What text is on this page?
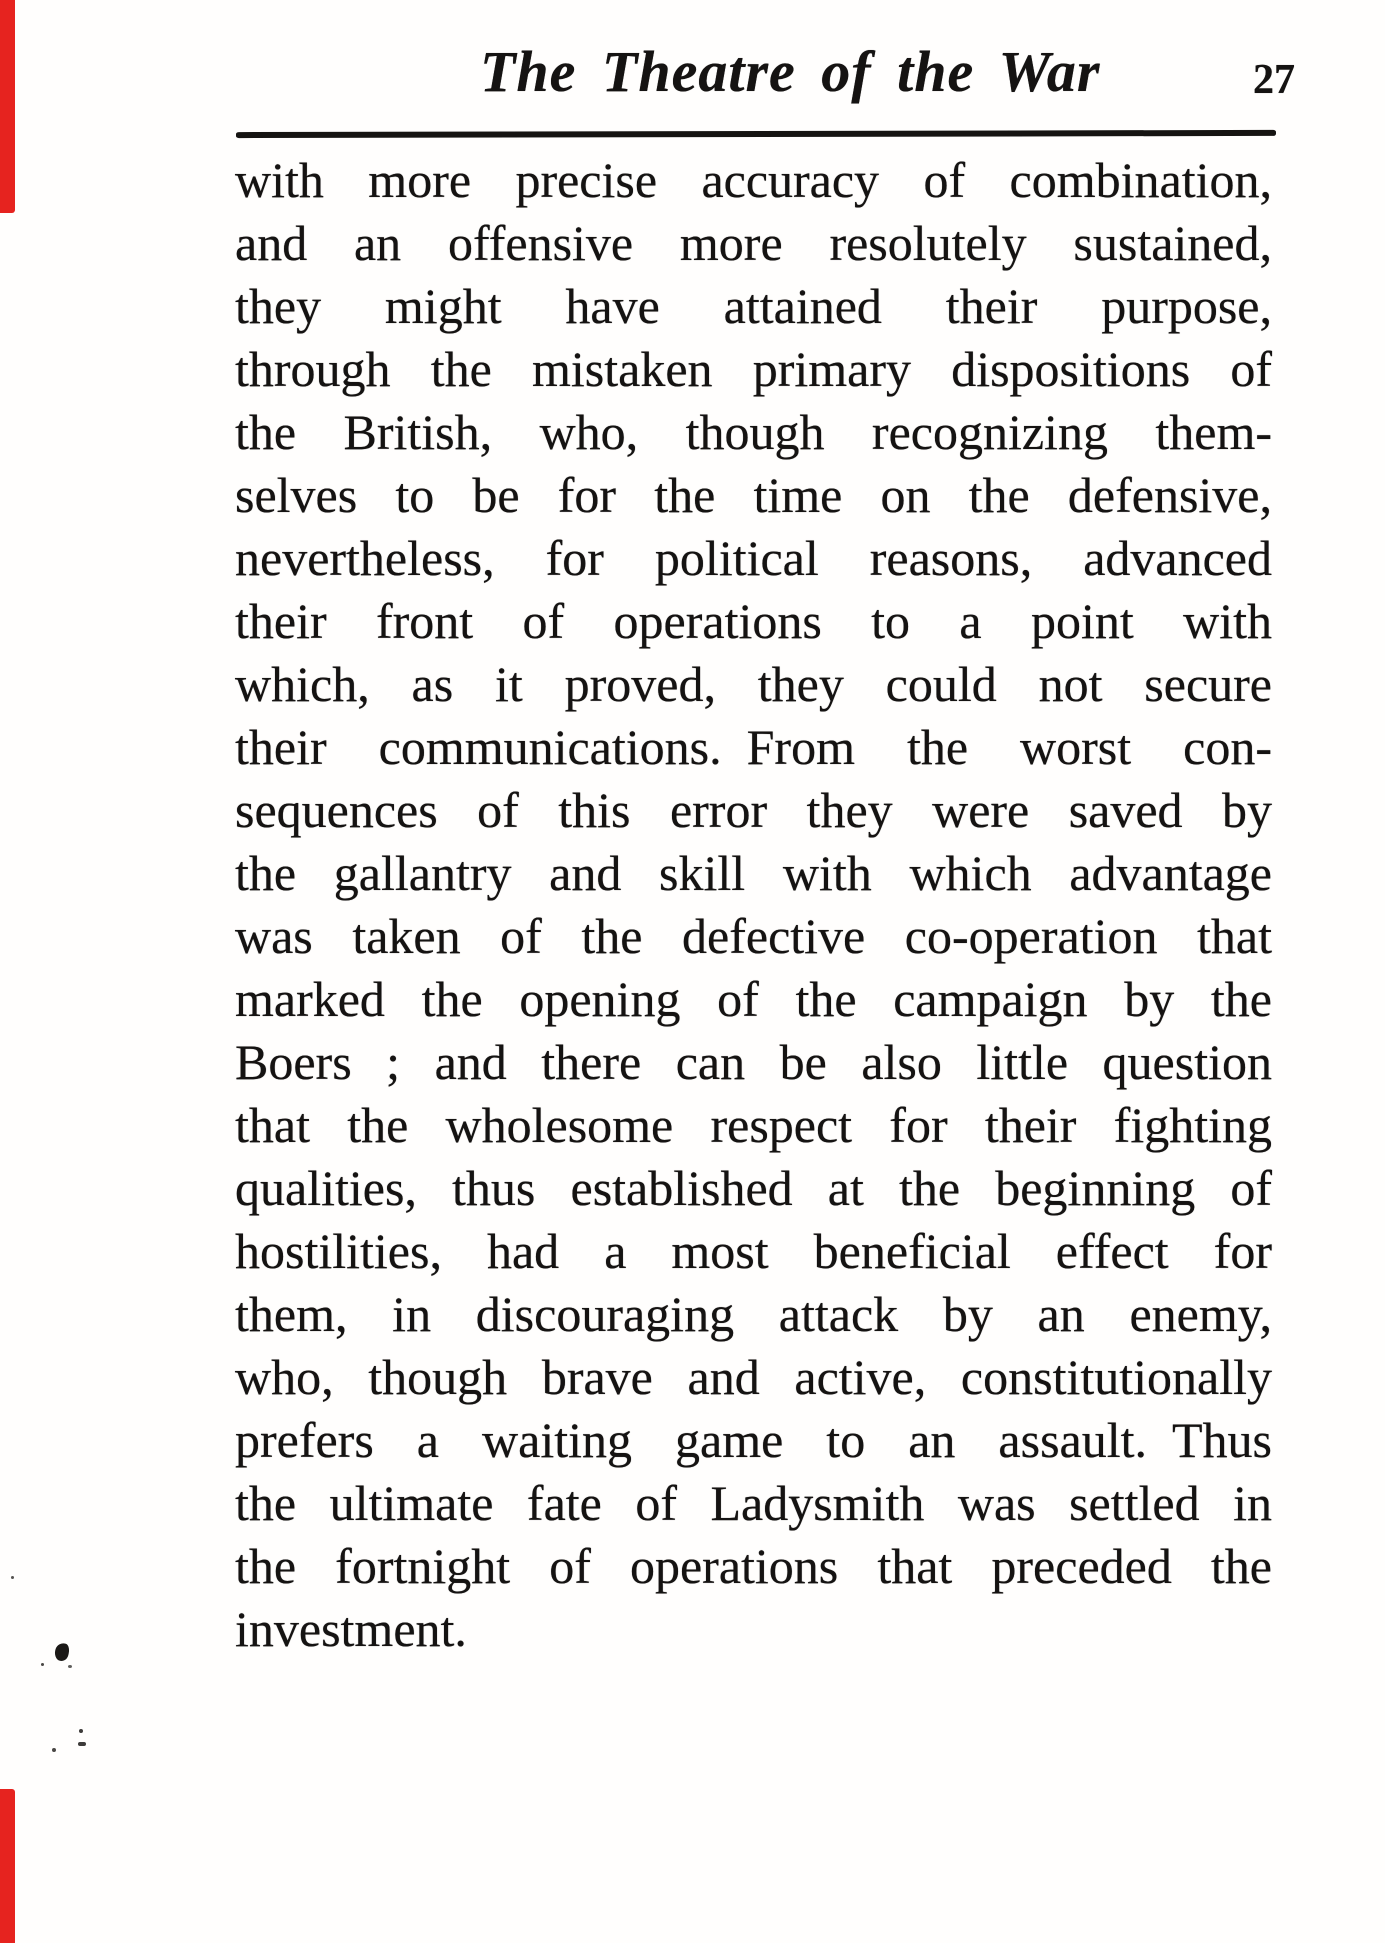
The Theatre of the War	27
with more precise accuracy of combination,
and an offensive more resolutely sustained,
they might have attained their purpose,
through the mistaken primary dispositions of
the British, who, though recognizing them-
selves to be for the time on the defensive,
nevertheless, for political reasons, advanced
their front of operations to a point with
which, as it proved, they could not secure
their communications. From the worst con-
sequences of this error they were saved by
the gallantry and skill with which advantage
was taken of the defective co-operation that
marked the opening of the campaign by the
Boers ; and there can be also little question
that the wholesome respect for their fighting
qualities, thus established at the beginning of
hostilities, had a most beneficial effect for
them, in discouraging attack by an enemy,
who, though brave and active, constitutionally
prefers a waiting game to an assault. Thus
the ultimate fate of Ladysmith was settled in
the fortnight of operations that preceded the
investment.
